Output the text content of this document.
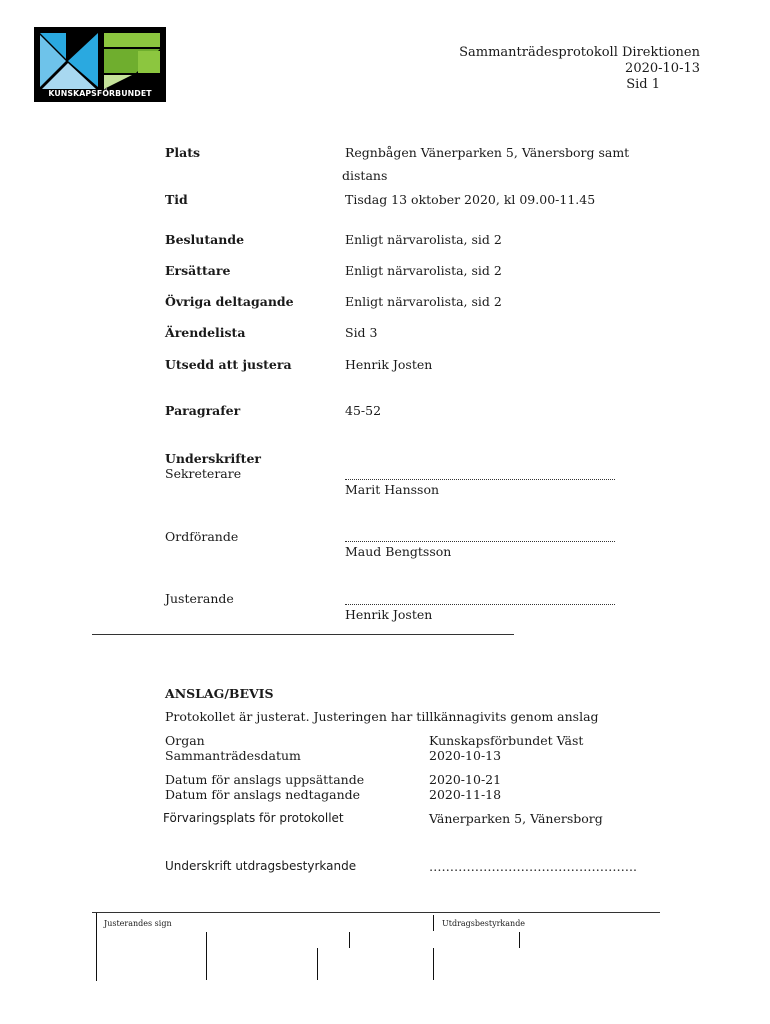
KUNSKAPSFÖRBUNDET
Sammanträdesprotokoll Direktionen
2020-10-13
Sid 1
Plats	Regnbågen Vänerparken 5, Vänersborg samt
distans
Tid	Tisdag 13 oktober 2020, kl 09.00-11.45
Beslutande	Enligt närvarolista, sid 2
Ersättare	Enligt närvarolista, sid 2
Övriga deltagande	Enligt närvarolista, sid 2
Ärendelista	Sid 3
Utsedd att justera	Henrik Josten
Paragrafer	45-52
Underskrifter
Sekreterare
Marit Hansson
Ordförande
Maud Bengtsson
Justerande
Henrik Josten
ANSLAG/BEVIS
Protokollet är justerat. Justeringen har tillkännagivits genom anslag
Organ	Kunskapsförbundet Väst
Sammanträdesdatum	2020-10-13
Datum för anslags uppsättande	2020-10-21
Datum för anslags nedtagande	2020-11-18
Förvaringsplats för protokollet	Vänerparken 5, Vänersborg
Underskrift utdragsbestyrkande	…………………………………………..
Justerandes sign	Utdragsbestyrkande
